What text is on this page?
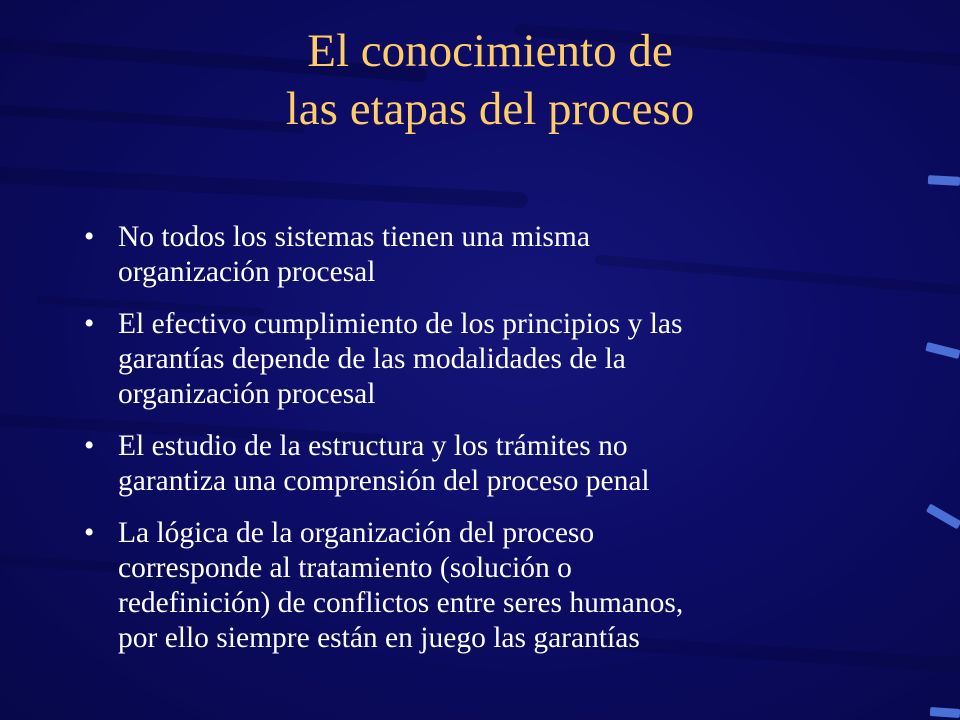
El conocimiento de
las etapas del proceso
• No todos los sistemas tienen una misma
organización procesal
• El efectivo cumplimiento de los principios y las
garantías depende de las modalidades de la
organización procesal
• El estudio de la estructura y los trámites no
garantiza una comprensión del proceso penal
• La lógica de la organización del proceso
corresponde al tratamiento (solución o
redefinición) de conflictos entre seres humanos,
por ello siempre están en juego las garantías
